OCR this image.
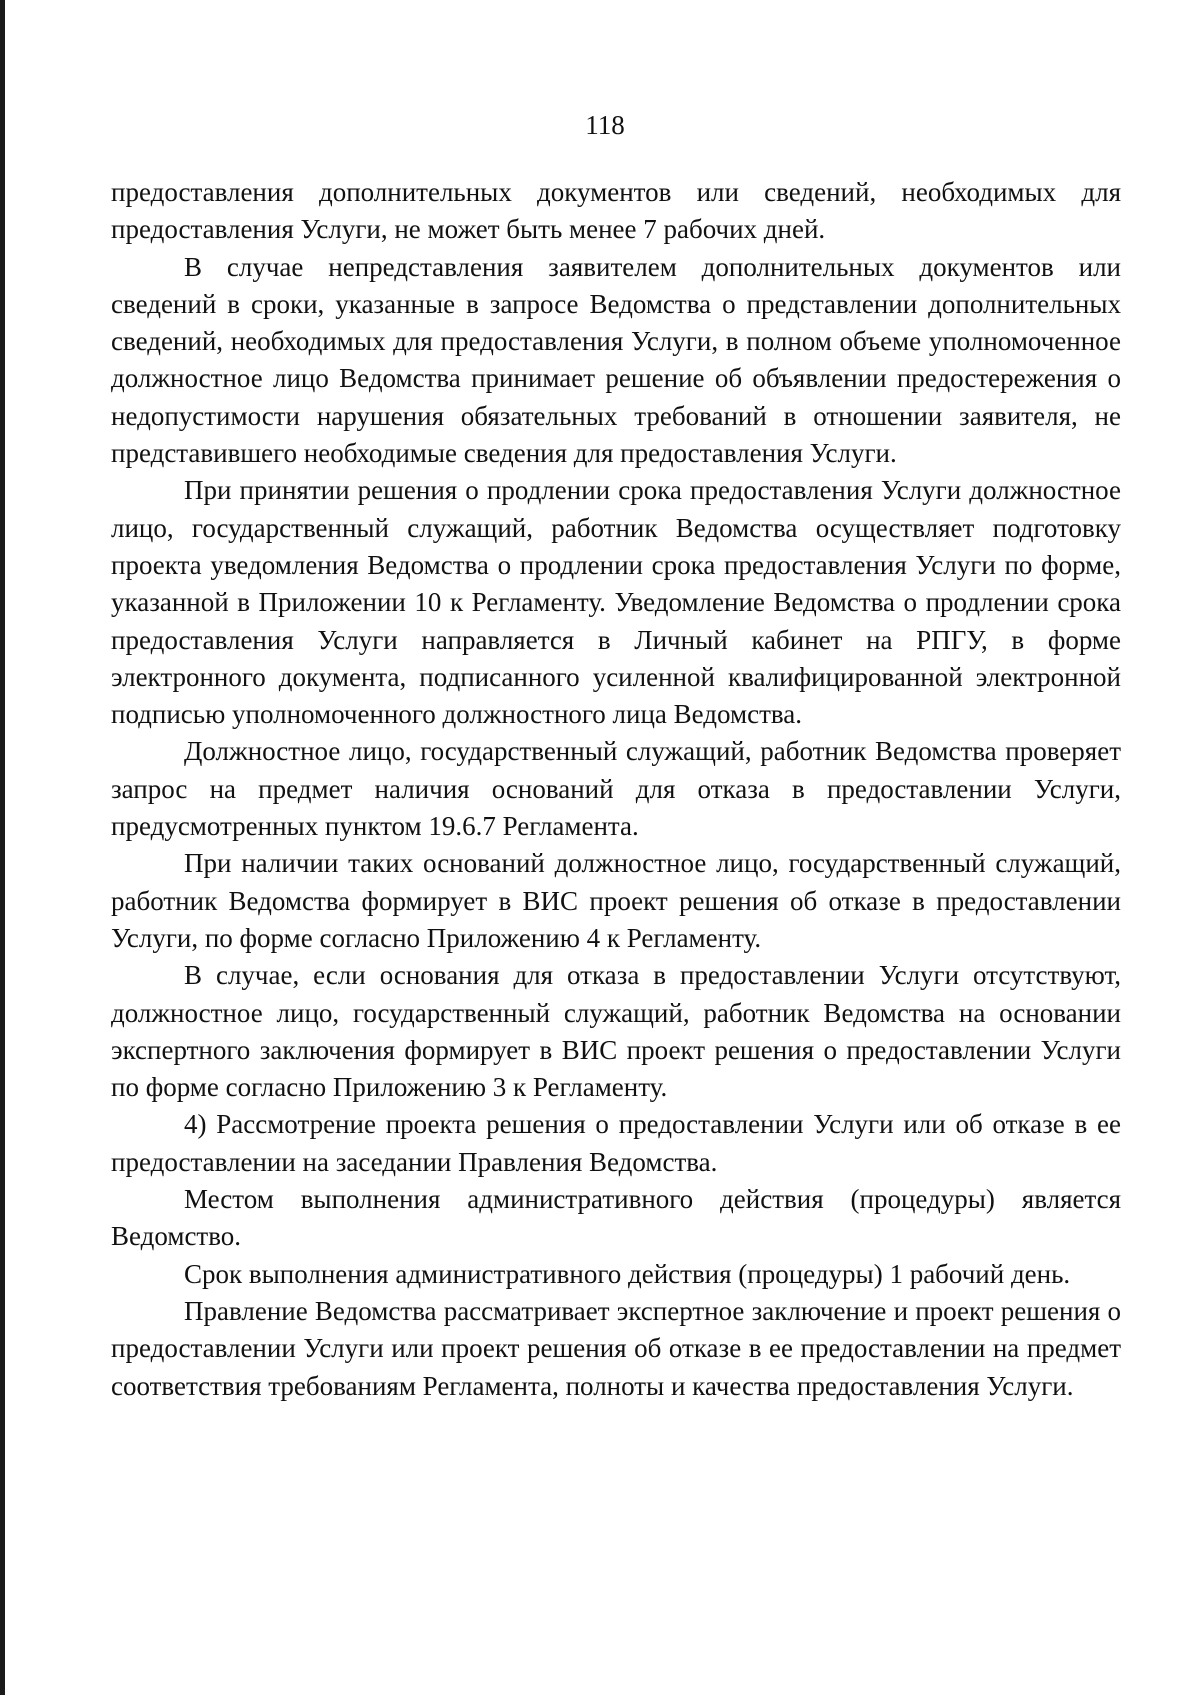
118

предоставления дополнительных документов или сведений, необходимых для предоставления Услуги, не может быть менее 7 рабочих дней.

В случае непредставления заявителем дополнительных документов или сведений в сроки, указанные в запросе Ведомства о представлении дополнительных сведений, необходимых для предоставления Услуги, в полном объеме уполномоченное должностное лицо Ведомства принимает решение об объявлении предостережения о недопустимости нарушения обязательных требований в отношении заявителя, не представившего необходимые сведения для предоставления Услуги.

При принятии решения о продлении срока предоставления Услуги должностное лицо, государственный служащий, работник Ведомства осуществляет подготовку проекта уведомления Ведомства о продлении срока предоставления Услуги по форме, указанной в Приложении 10 к Регламенту. Уведомление Ведомства о продлении срока предоставления Услуги направляется в Личный кабинет на РПГУ, в форме электронного документа, подписанного усиленной квалифицированной электронной подписью уполномоченного должностного лица Ведомства.

Должностное лицо, государственный служащий, работник Ведомства проверяет запрос на предмет наличия оснований для отказа в предоставлении Услуги, предусмотренных пунктом 19.6.7 Регламента.

При наличии таких оснований должностное лицо, государственный служащий, работник Ведомства формирует в ВИС проект решения об отказе в предоставлении Услуги, по форме согласно Приложению 4 к Регламенту.

В случае, если основания для отказа в предоставлении Услуги отсутствуют, должностное лицо, государственный служащий, работник Ведомства на основании экспертного заключения формирует в ВИС проект решения о предоставлении Услуги по форме согласно Приложению 3 к Регламенту.

4) Рассмотрение проекта решения о предоставлении Услуги или об отказе в ее предоставлении на заседании Правления Ведомства.

Местом выполнения административного действия (процедуры) является Ведомство.

Срок выполнения административного действия (процедуры) 1 рабочий день.

Правление Ведомства рассматривает экспертное заключение и проект решения о предоставлении Услуги или проект решения об отказе в ее предоставлении на предмет соответствия требованиям Регламента, полноты и качества предоставления Услуги.
